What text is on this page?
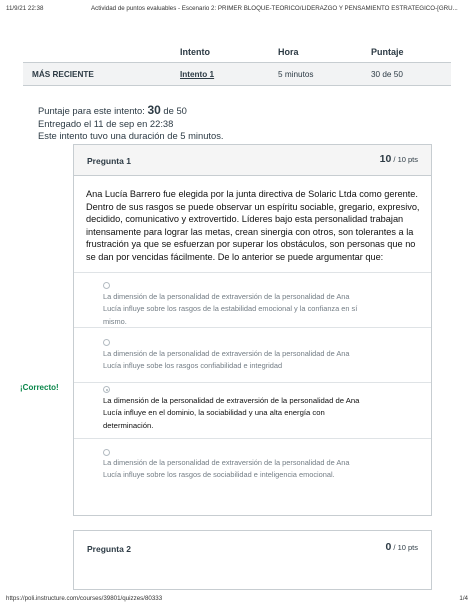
11/9/21 22:38	Actividad de puntos evaluables - Escenario 2: PRIMER BLOQUE-TEORICO/LIDERAZGO Y PENSAMIENTO ESTRATEGICO-[GRU...
Intento	Hora	Puntaje
MÁS RECIENTE	Intento 1	5 minutos	30 de 50
Puntaje para este intento: 30 de 50
Entregado el 11 de sep en 22:38
Este intento tuvo una duración de 5 minutos.
Pregunta 1	10 / 10 pts
Ana Lucía Barrero fue elegida por la junta directiva de Solaric Ltda como gerente. Dentro de sus rasgos se puede observar un espíritu sociable, gregario, expresivo, decidido, comunicativo y extrovertido. Líderes bajo esta personalidad trabajan intensamente para lograr las metas, crean sinergia con otros, son tolerantes a la frustración ya que se esfuerzan por superar los obstáculos, son personas que no se dan por vencidas fácilmente. De lo anterior se puede argumentar que:
La dimensión de la personalidad de extraversión de la personalidad de Ana Lucía influye sobre los rasgos de la estabilidad emocional y la confianza en sí mismo.
La dimensión de la personalidad de extraversión de la personalidad de Ana Lucía influye sobe los rasgos confiabilidad e integridad
La dimensión de la personalidad de extraversión de la personalidad de Ana Lucía influye en el dominio, la sociabilidad y una alta energía con determinación.
La dimensión de la personalidad de extraversión de la personalidad de Ana Lucía influye sobre los rasgos de sociabilidad e inteligencia emocional.
¡Correcto!
Pregunta 2	0 / 10 pts
https://poli.instructure.com/courses/39801/quizzes/80333	1/4
